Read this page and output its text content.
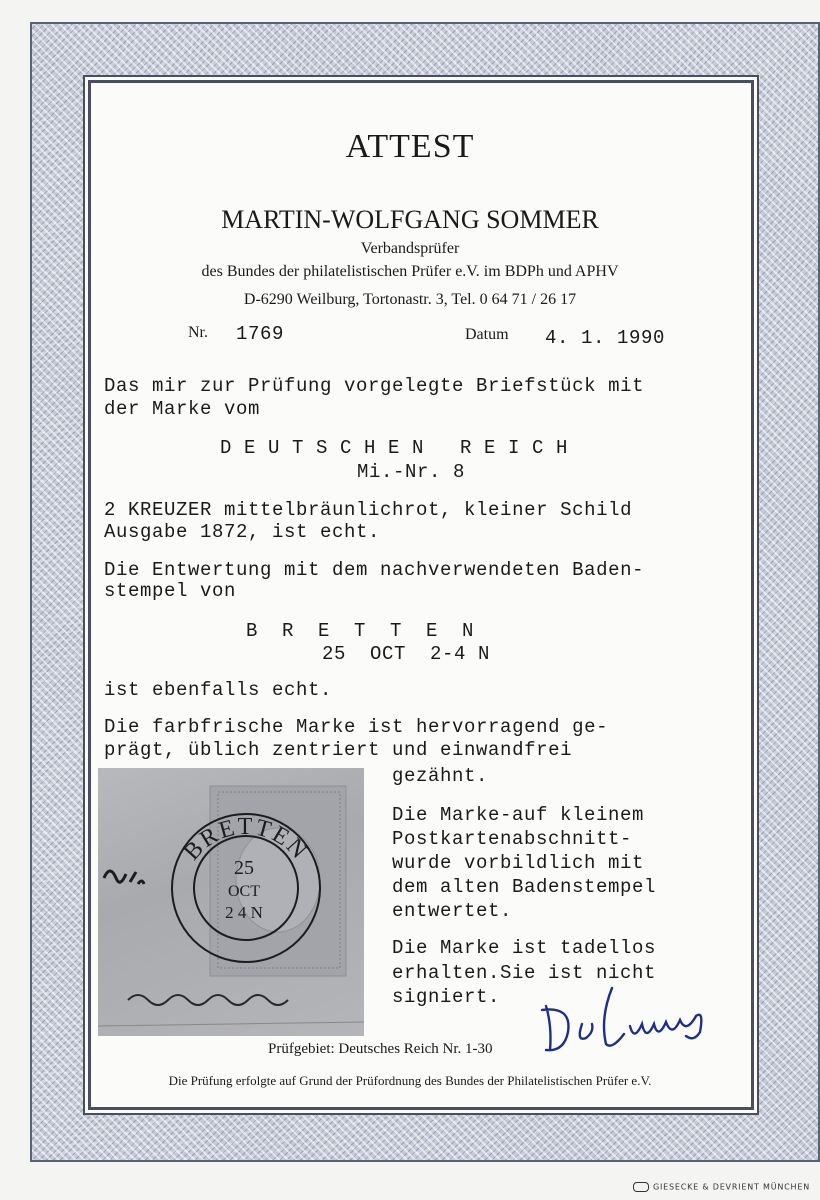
ATTEST
MARTIN-WOLFGANG SOMMER
Verbandsprüfer
des Bundes der philatelistischen Prüfer e.V. im BDPh und APHV
D-6290 Weilburg, Tortonastr. 3, Tel. 0 64 71 / 26 17
Nr. 1769	Datum 4. 1. 1990
Das mir zur Prüfung vorgelegte Briefstück mit
der Marke vom
D E U T S C H E N   R E I C H
Mi.-Nr. 8
2 KREUZER mittelbräunlichrot, kleiner Schild
Ausgabe 1872, ist echt.
Die Entwertung mit dem nachverwendeten Baden-
stempel von
B  R  E  T  T  E  N
25  OCT  2-4 N
ist ebenfalls echt.
Die farbfrische Marke ist hervorragend ge-
prägt, üblich zentriert und einwandfrei
gezähnt.
Die Marke-auf kleinem
Postkartenabschnitt-
wurde vorbildlich mit
dem alten Badenstempel
entwertet.
Die Marke ist tadellos
erhalten.Sie ist nicht
signiert.
BRETTEN
25
OCT
2 4 N
Prüfgebiet: Deutsches Reich Nr. 1-30
Die Prüfung erfolgte auf Grund der Prüfordnung des Bundes der Philatelistischen Prüfer e.V.
GIESECKE & DEVRIENT MÜNCHEN
